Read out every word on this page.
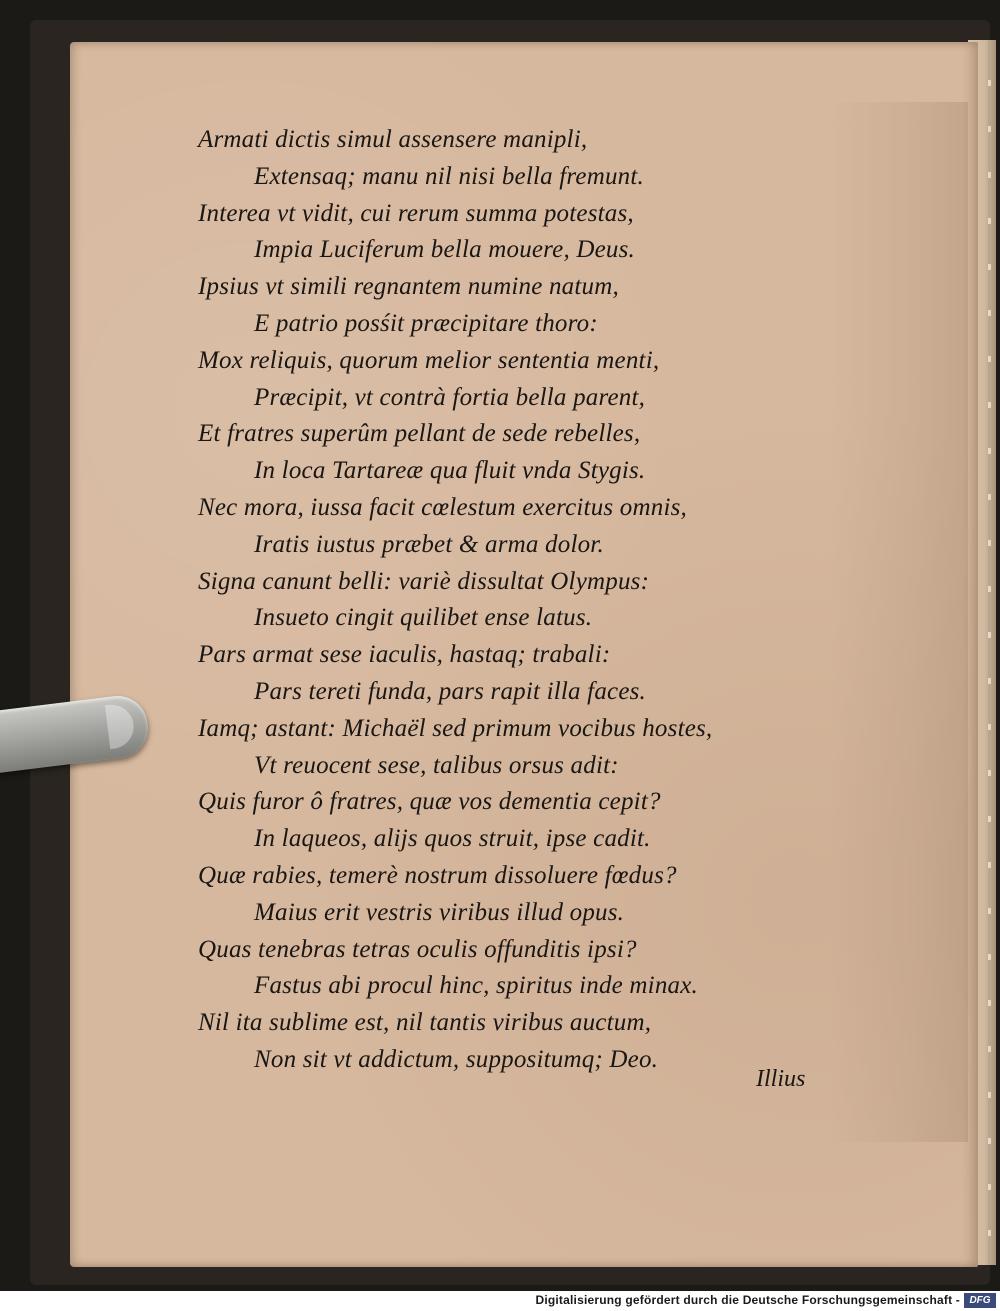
Armati dictis simul assensere manipli,
Extensaq; manu nil nisi bella fremunt.
Interea vt vidit, cui rerum summa potestas,
Impia Luciferum bella mouere, Deus.
Ipsius vt simili regnantem numine natum,
E patrio posśit præcipitare thoro:
Mox reliquis, quorum melior sententia menti,
Præcipit, vt contrà fortia bella parent,
Et fratres superûm pellant de sede rebelles,
In loca Tartareæ qua fluit vnda Stygis.
Nec mora, iussa facit cœlestum exercitus omnis,
Iratis iustus præbet & arma dolor.
Signa canunt belli: variè dissultat Olympus:
Insueto cingit quilibet ense latus.
Pars armat sese iaculis, hastaq; trabali:
Pars tereti funda, pars rapit illa faces.
Iamq; astant: Michaël sed primum vocibus hostes,
Vt reuocent sese, talibus orsus adit:
Quis furor ô fratres, quæ vos dementia cepit?
In laqueos, alijs quos struit, ipse cadit.
Quæ rabies, temerè nostrum dissoluere fœdus?
Maius erit vestris viribus illud opus.
Quas tenebras tetras oculis offunditis ipsi?
Fastus abi procul hinc, spiritus inde minax.
Nil ita sublime est, nil tantis viribus auctum,
Non sit vt addictum, suppositumq; Deo.
Illius
Digitalisierung gefördert durch die Deutsche Forschungsgemeinschaft - DFG
